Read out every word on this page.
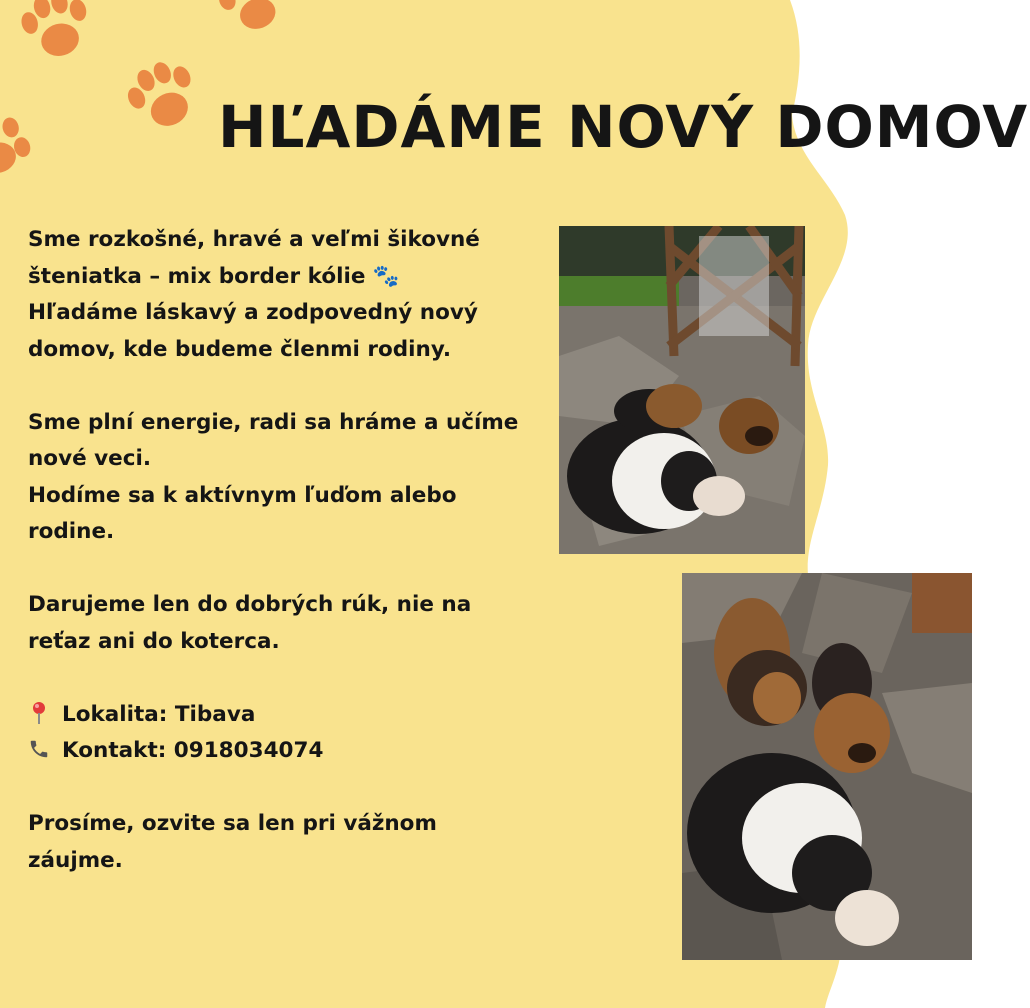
HĽADÁME NOVÝ DOMOV

Sme rozkošné, hravé a veľmi šikovné

šteniatka – mix border kólie 🐾

Hľadáme láskavý a zodpovedný nový

domov, kde budeme členmi rodiny.

Sme plní energie, radi sa hráme a učíme

nové veci.

Hodíme sa k aktívnym ľuďom alebo

rodine.

Darujeme len do dobrých rúk, nie na

reťaz ani do koterca.

Lokalita: Tibava

Kontakt: 0918034074

Prosíme, ozvite sa len pri vážnom

záujme.
